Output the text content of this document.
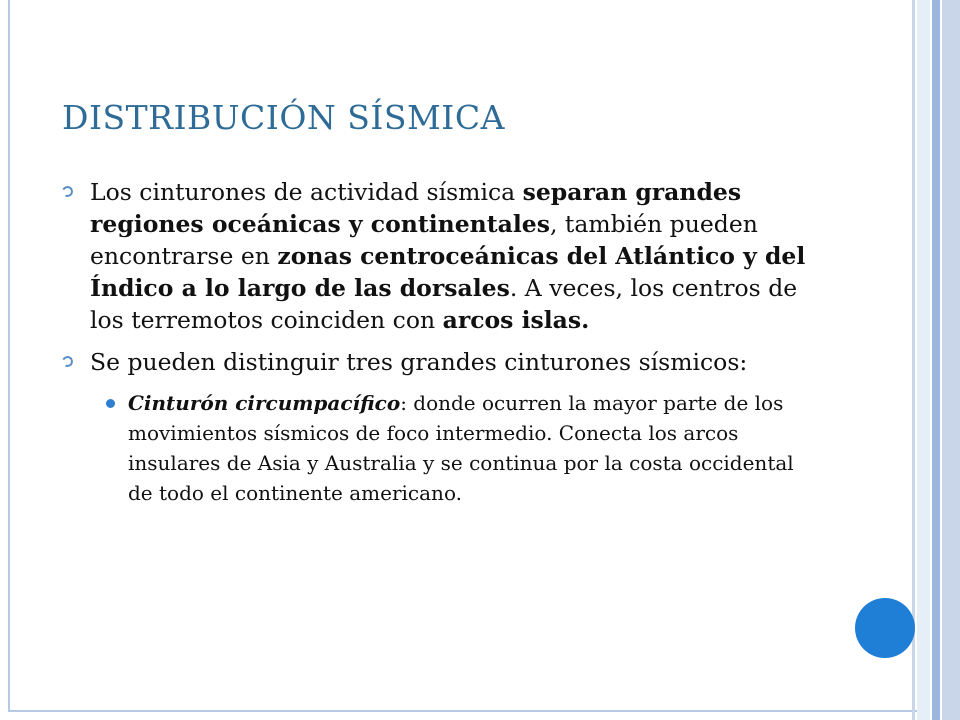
DISTRIBUCIÓN SÍSMICA
Los cinturones de actividad sísmica separan grandes regiones oceánicas y continentales, también pueden encontrarse en zonas centroceánicas del Atlántico y del Índico a lo largo de las dorsales. A veces, los centros de los terremotos coinciden con arcos islas.
Se pueden distinguir tres grandes cinturones sísmicos:
Cinturón circumpacífico: donde ocurren la mayor parte de los movimientos sísmicos de foco intermedio. Conecta los arcos insulares de Asia y Australia y se continua por la costa occidental de todo el continente americano.
